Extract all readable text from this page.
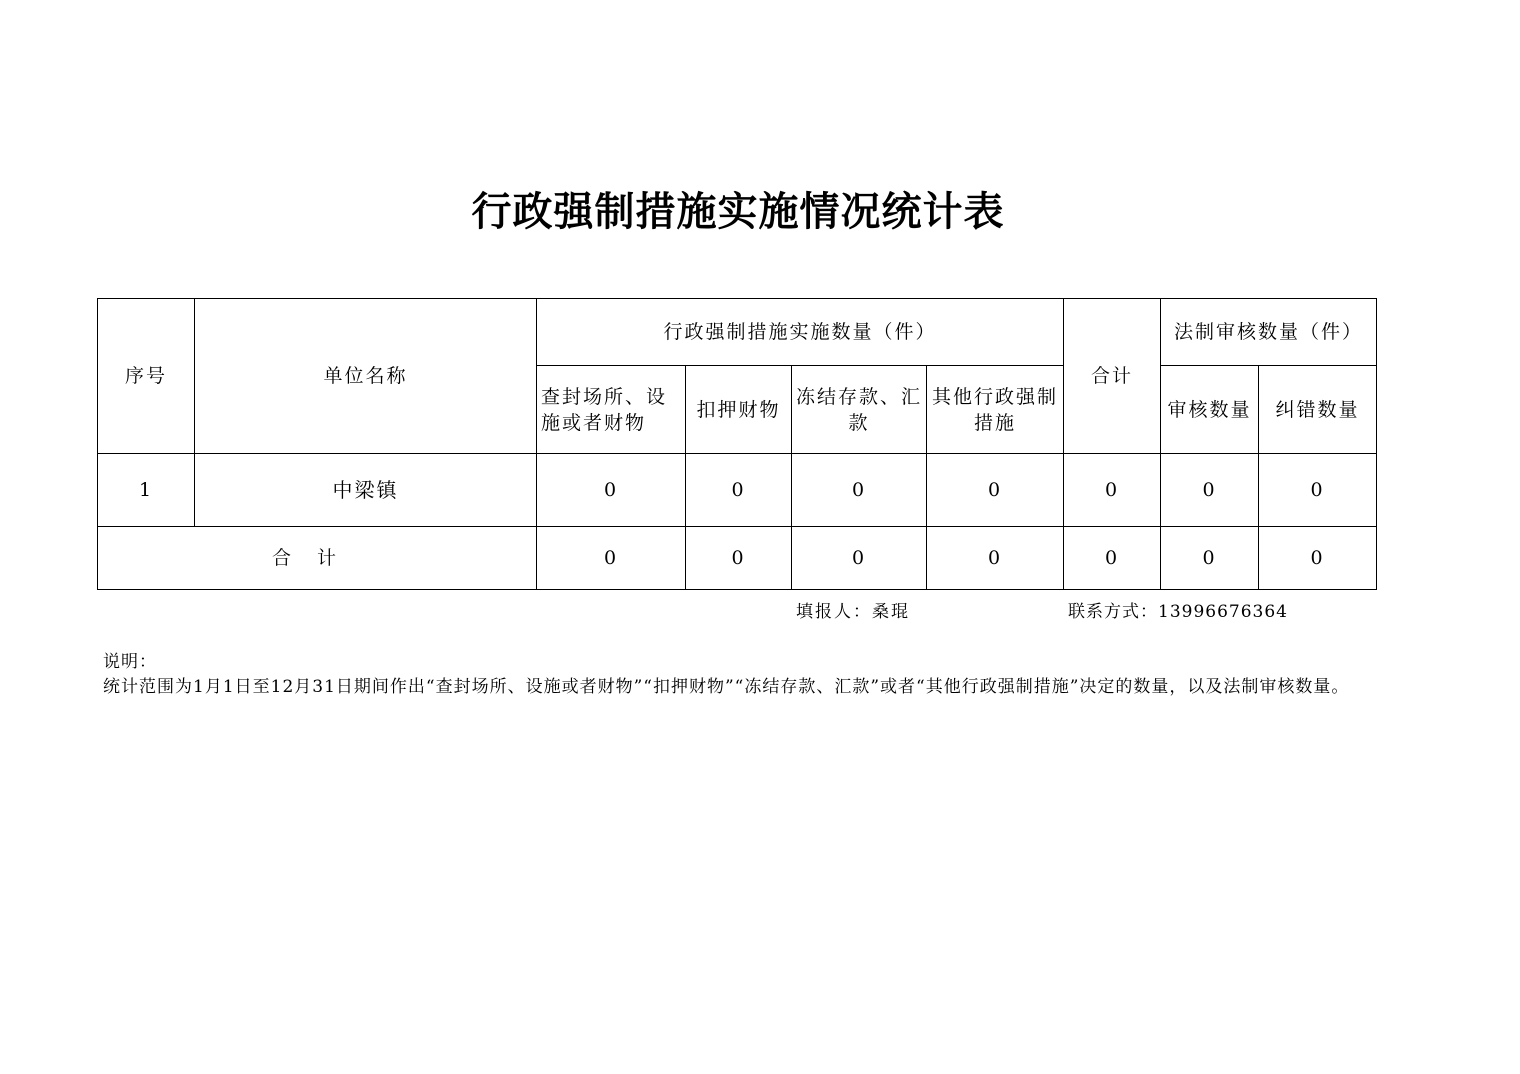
行政强制措施实施情况统计表
序号	单位名称	行政强制措施实施数量（件）				合计	法制审核数量（件）	
		查封场所、设施或者财物	扣押财物	冻结存款、汇款	其他行政强制措施		审核数量	纠错数量
1	中梁镇	0	0	0	0	0	0	0
合计		0	0	0	0	0	0	0
填报人：桑琨	联系方式：13996676364
说明：
统计范围为1月1日至12月31日期间作出“查封场所、设施或者财物”“扣押财物”“冻结存款、汇款”或者“其他行政强制措施”决定的数量，以及法制审核数量。
